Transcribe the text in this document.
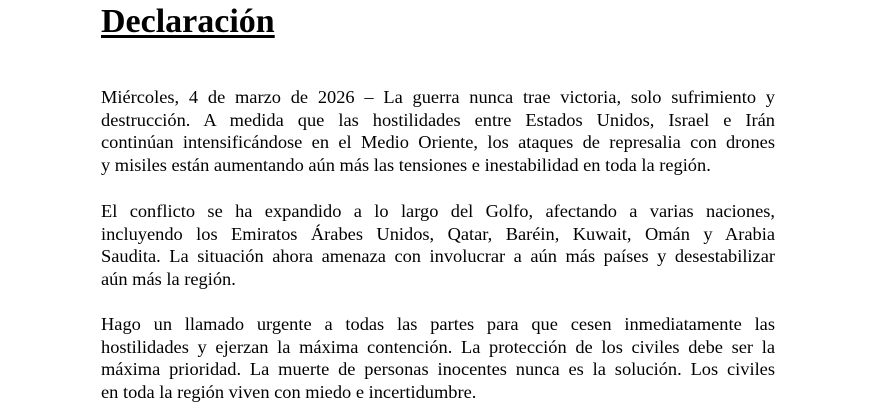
Declaración
Miércoles, 4 de marzo de 2026 – La guerra nunca trae victoria, solo sufrimiento y
destrucción. A medida que las hostilidades entre Estados Unidos, Israel e Irán
continúan intensificándose en el Medio Oriente, los ataques de represalia con drones
y misiles están aumentando aún más las tensiones e inestabilidad en toda la región.
El conflicto se ha expandido a lo largo del Golfo, afectando a varias naciones,
incluyendo los Emiratos Árabes Unidos, Qatar, Baréin, Kuwait, Omán y Arabia
Saudita. La situación ahora amenaza con involucrar a aún más países y desestabilizar
aún más la región.
Hago un llamado urgente a todas las partes para que cesen inmediatamente las
hostilidades y ejerzan la máxima contención. La protección de los civiles debe ser la
máxima prioridad. La muerte de personas inocentes nunca es la solución. Los civiles
en toda la región viven con miedo e incertidumbre.
